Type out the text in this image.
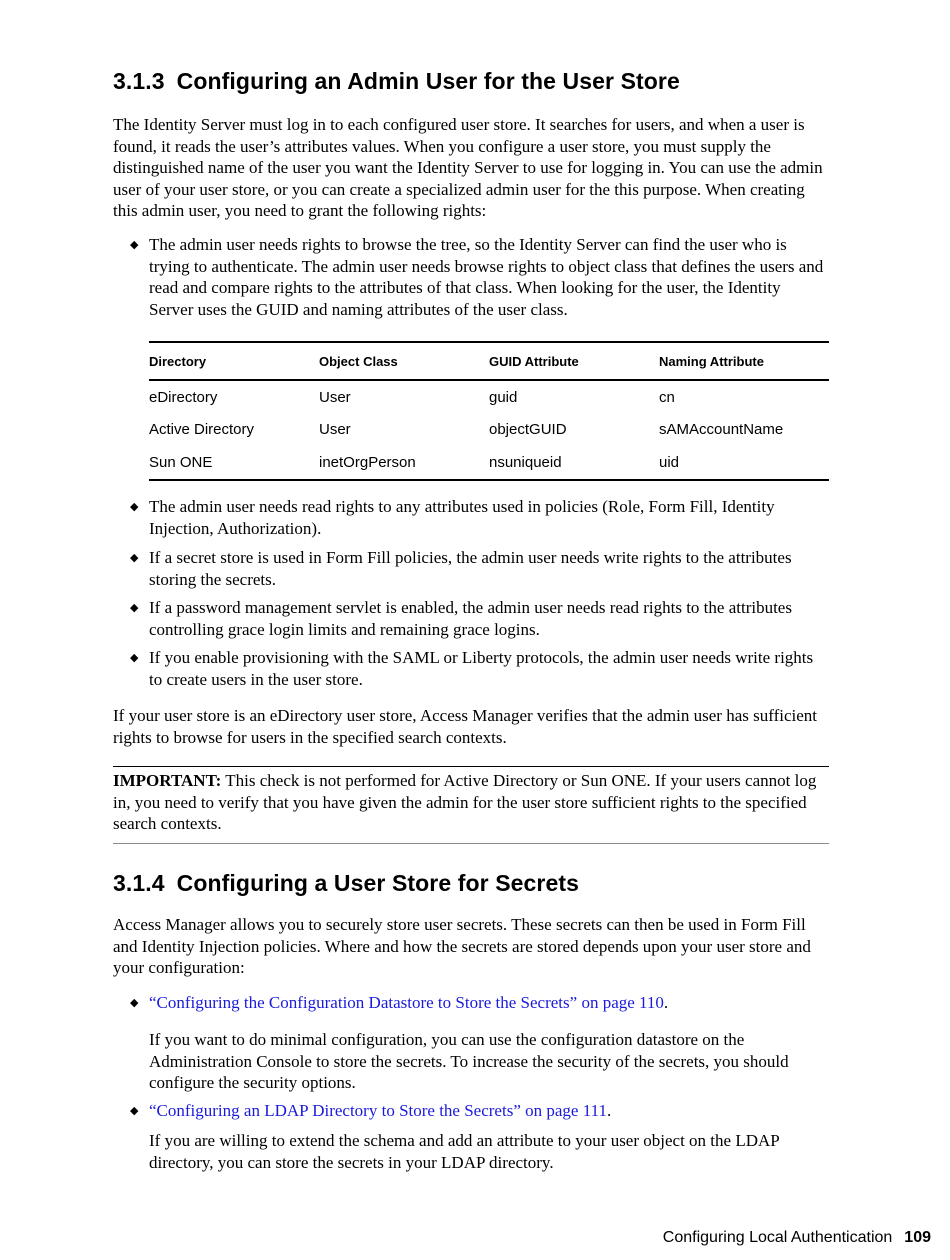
3.1.3 Configuring an Admin User for the User Store

The Identity Server must log in to each configured user store. It searches for users, and when a user is found, it reads the user’s attributes values. When you configure a user store, you must supply the distinguished name of the user you want the Identity Server to use for logging in. You can use the admin user of your user store, or you can create a specialized admin user for the this purpose. When creating this admin user, you need to grant the following rights:

◆ The admin user needs rights to browse the tree, so the Identity Server can find the user who is trying to authenticate. The admin user needs browse rights to object class that defines the users and read and compare rights to the attributes of that class. When looking for the user, the Identity Server uses the GUID and naming attributes of the user class.
Directory	Object Class	GUID Attribute	Naming Attribute
eDirectory	User	guid	cn
Active Directory	User	objectGUID	sAMAccountName
Sun ONE	inetOrgPerson	nsuniqueid	uid
◆ The admin user needs read rights to any attributes used in policies (Role, Form Fill, Identity Injection, Authorization).
◆ If a secret store is used in Form Fill policies, the admin user needs write rights to the attributes storing the secrets.
◆ If a password management servlet is enabled, the admin user needs read rights to the attributes controlling grace login limits and remaining grace logins.
◆ If you enable provisioning with the SAML or Liberty protocols, the admin user needs write rights to create users in the user store.

If your user store is an eDirectory user store, Access Manager verifies that the admin user has sufficient rights to browse for users in the specified search contexts.

IMPORTANT: This check is not performed for Active Directory or Sun ONE. If your users cannot log in, you need to verify that you have given the admin for the user store sufficient rights to the specified search contexts.

3.1.4 Configuring a User Store for Secrets

Access Manager allows you to securely store user secrets. These secrets can then be used in Form Fill and Identity Injection policies. Where and how the secrets are stored depends upon your user store and your configuration:

◆ “Configuring the Configuration Datastore to Store the Secrets” on page 110.

If you want to do minimal configuration, you can use the configuration datastore on the Administration Console to store the secrets. To increase the security of the secrets, you should configure the security options.

◆ “Configuring an LDAP Directory to Store the Secrets” on page 111.

If you are willing to extend the schema and add an attribute to your user object on the LDAP directory, you can store the secrets in your LDAP directory.

Configuring Local Authentication 109
